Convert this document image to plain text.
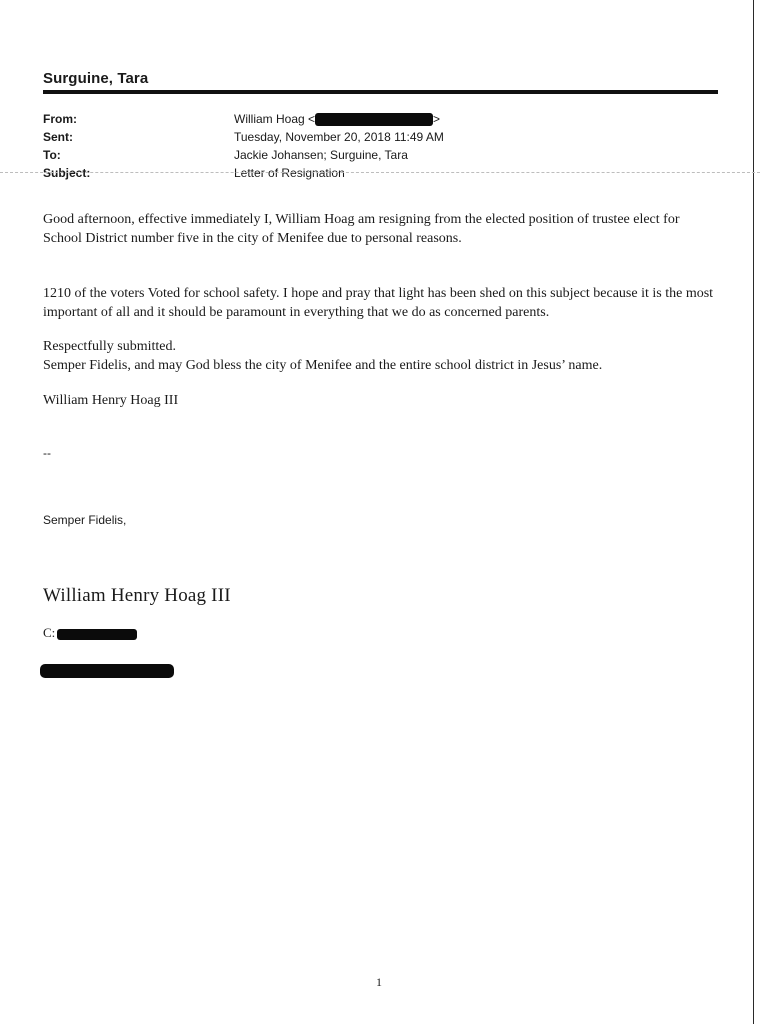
Surguine, Tara
From:	William Hoag <	>
Sent:	Tuesday, November 20, 2018 11:49 AM
To:	Jackie Johansen; Surguine, Tara
Subject:	Letter of Resignation
Good afternoon, effective immediately I, William Hoag am resigning from the elected position of trustee elect for School District number five in the city of Menifee due to personal reasons.
1210 of the voters Voted for school safety. I hope and pray that light has been shed on this subject because it is the most important of all and it should be paramount in everything that we do as concerned parents.
Respectfully submitted.
Semper Fidelis, and may God bless the city of Menifee and the entire school district in Jesus’ name.
William Henry Hoag III
--
Semper Fidelis,
William Henry Hoag III
C:
1
